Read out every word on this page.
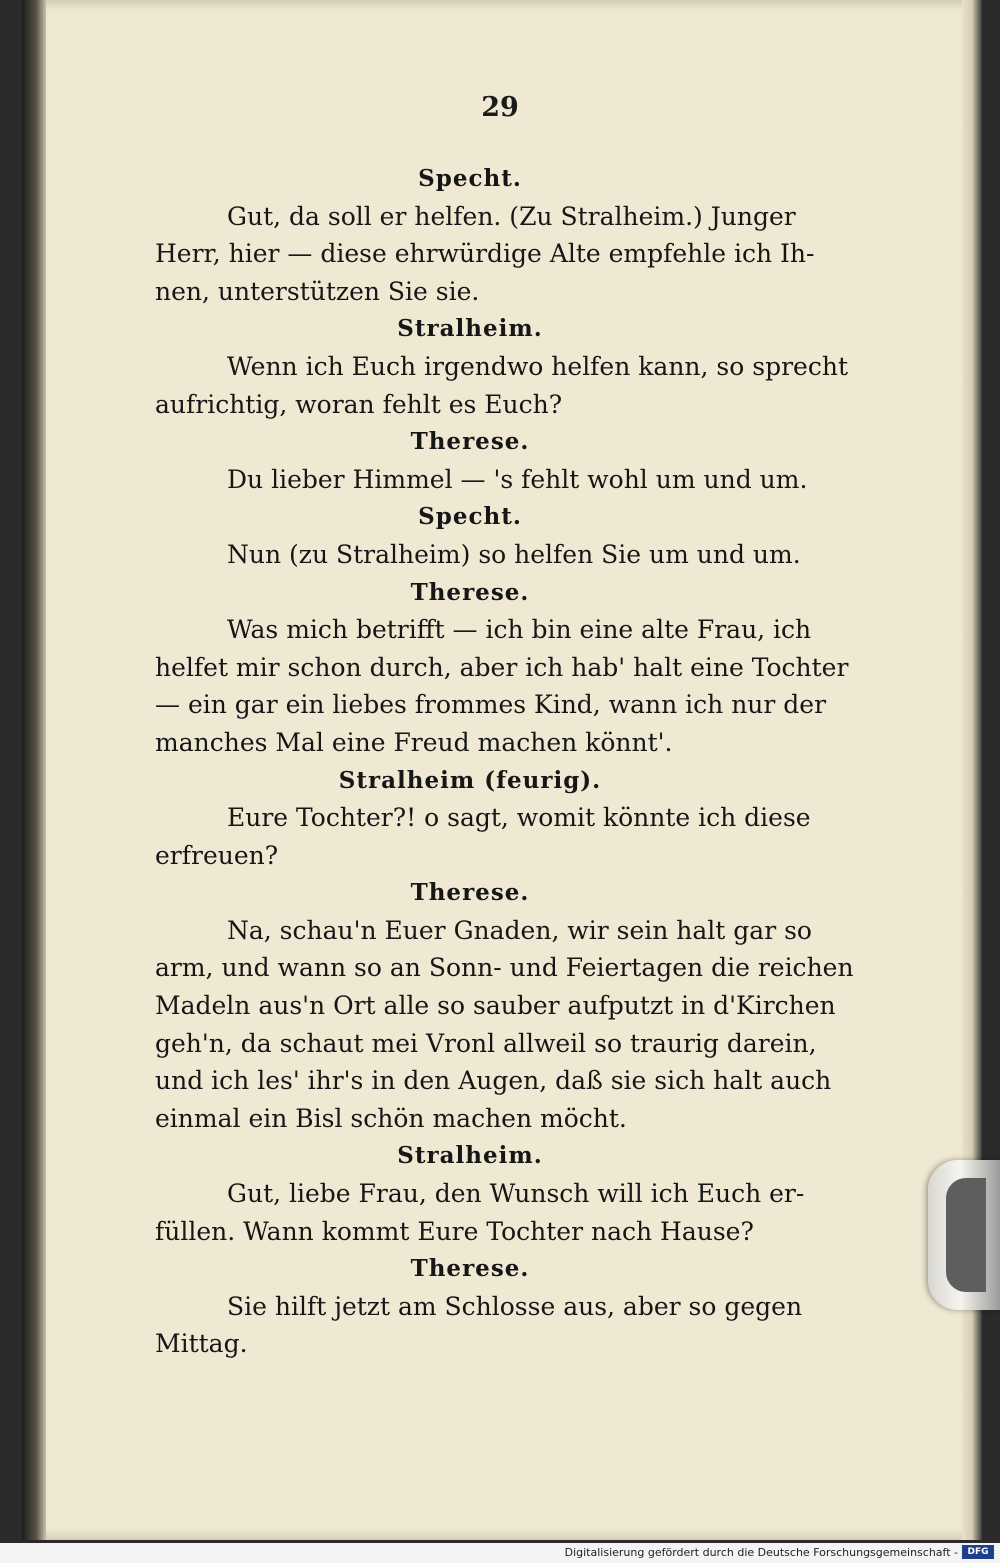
29
Specht.
Gut, da soll er helfen. (Zu Stralheim.) Junger
Herr, hier — diese ehrwürdige Alte empfehle ich Ih-
nen, unterstützen Sie sie.
Stralheim.
Wenn ich Euch irgendwo helfen kann, so sprecht
aufrichtig, woran fehlt es Euch?
Therese.
Du lieber Himmel — 's fehlt wohl um und um.
Specht.
Nun (zu Stralheim) so helfen Sie um und um.
Therese.
Was mich betrifft — ich bin eine alte Frau, ich
helfet mir schon durch, aber ich hab' halt eine Tochter
— ein gar ein liebes frommes Kind, wann ich nur der
manches Mal eine Freud machen könnt'.
Stralheim (feurig).
Eure Tochter?! o sagt, womit könnte ich diese
erfreuen?
Therese.
Na, schau'n Euer Gnaden, wir sein halt gar so
arm, und wann so an Sonn- und Feiertagen die reichen
Madeln aus'n Ort alle so sauber aufputzt in d'Kirchen
geh'n, da schaut mei Vronl allweil so traurig darein,
und ich les' ihr's in den Augen, daß sie sich halt auch
einmal ein Bisl schön machen möcht.
Stralheim.
Gut, liebe Frau, den Wunsch will ich Euch er-
füllen. Wann kommt Eure Tochter nach Hause?
Therese.
Sie hilft jetzt am Schlosse aus, aber so gegen
Mittag.
Digitalisierung gefördert durch die Deutsche Forschungsgemeinschaft -	DFG
